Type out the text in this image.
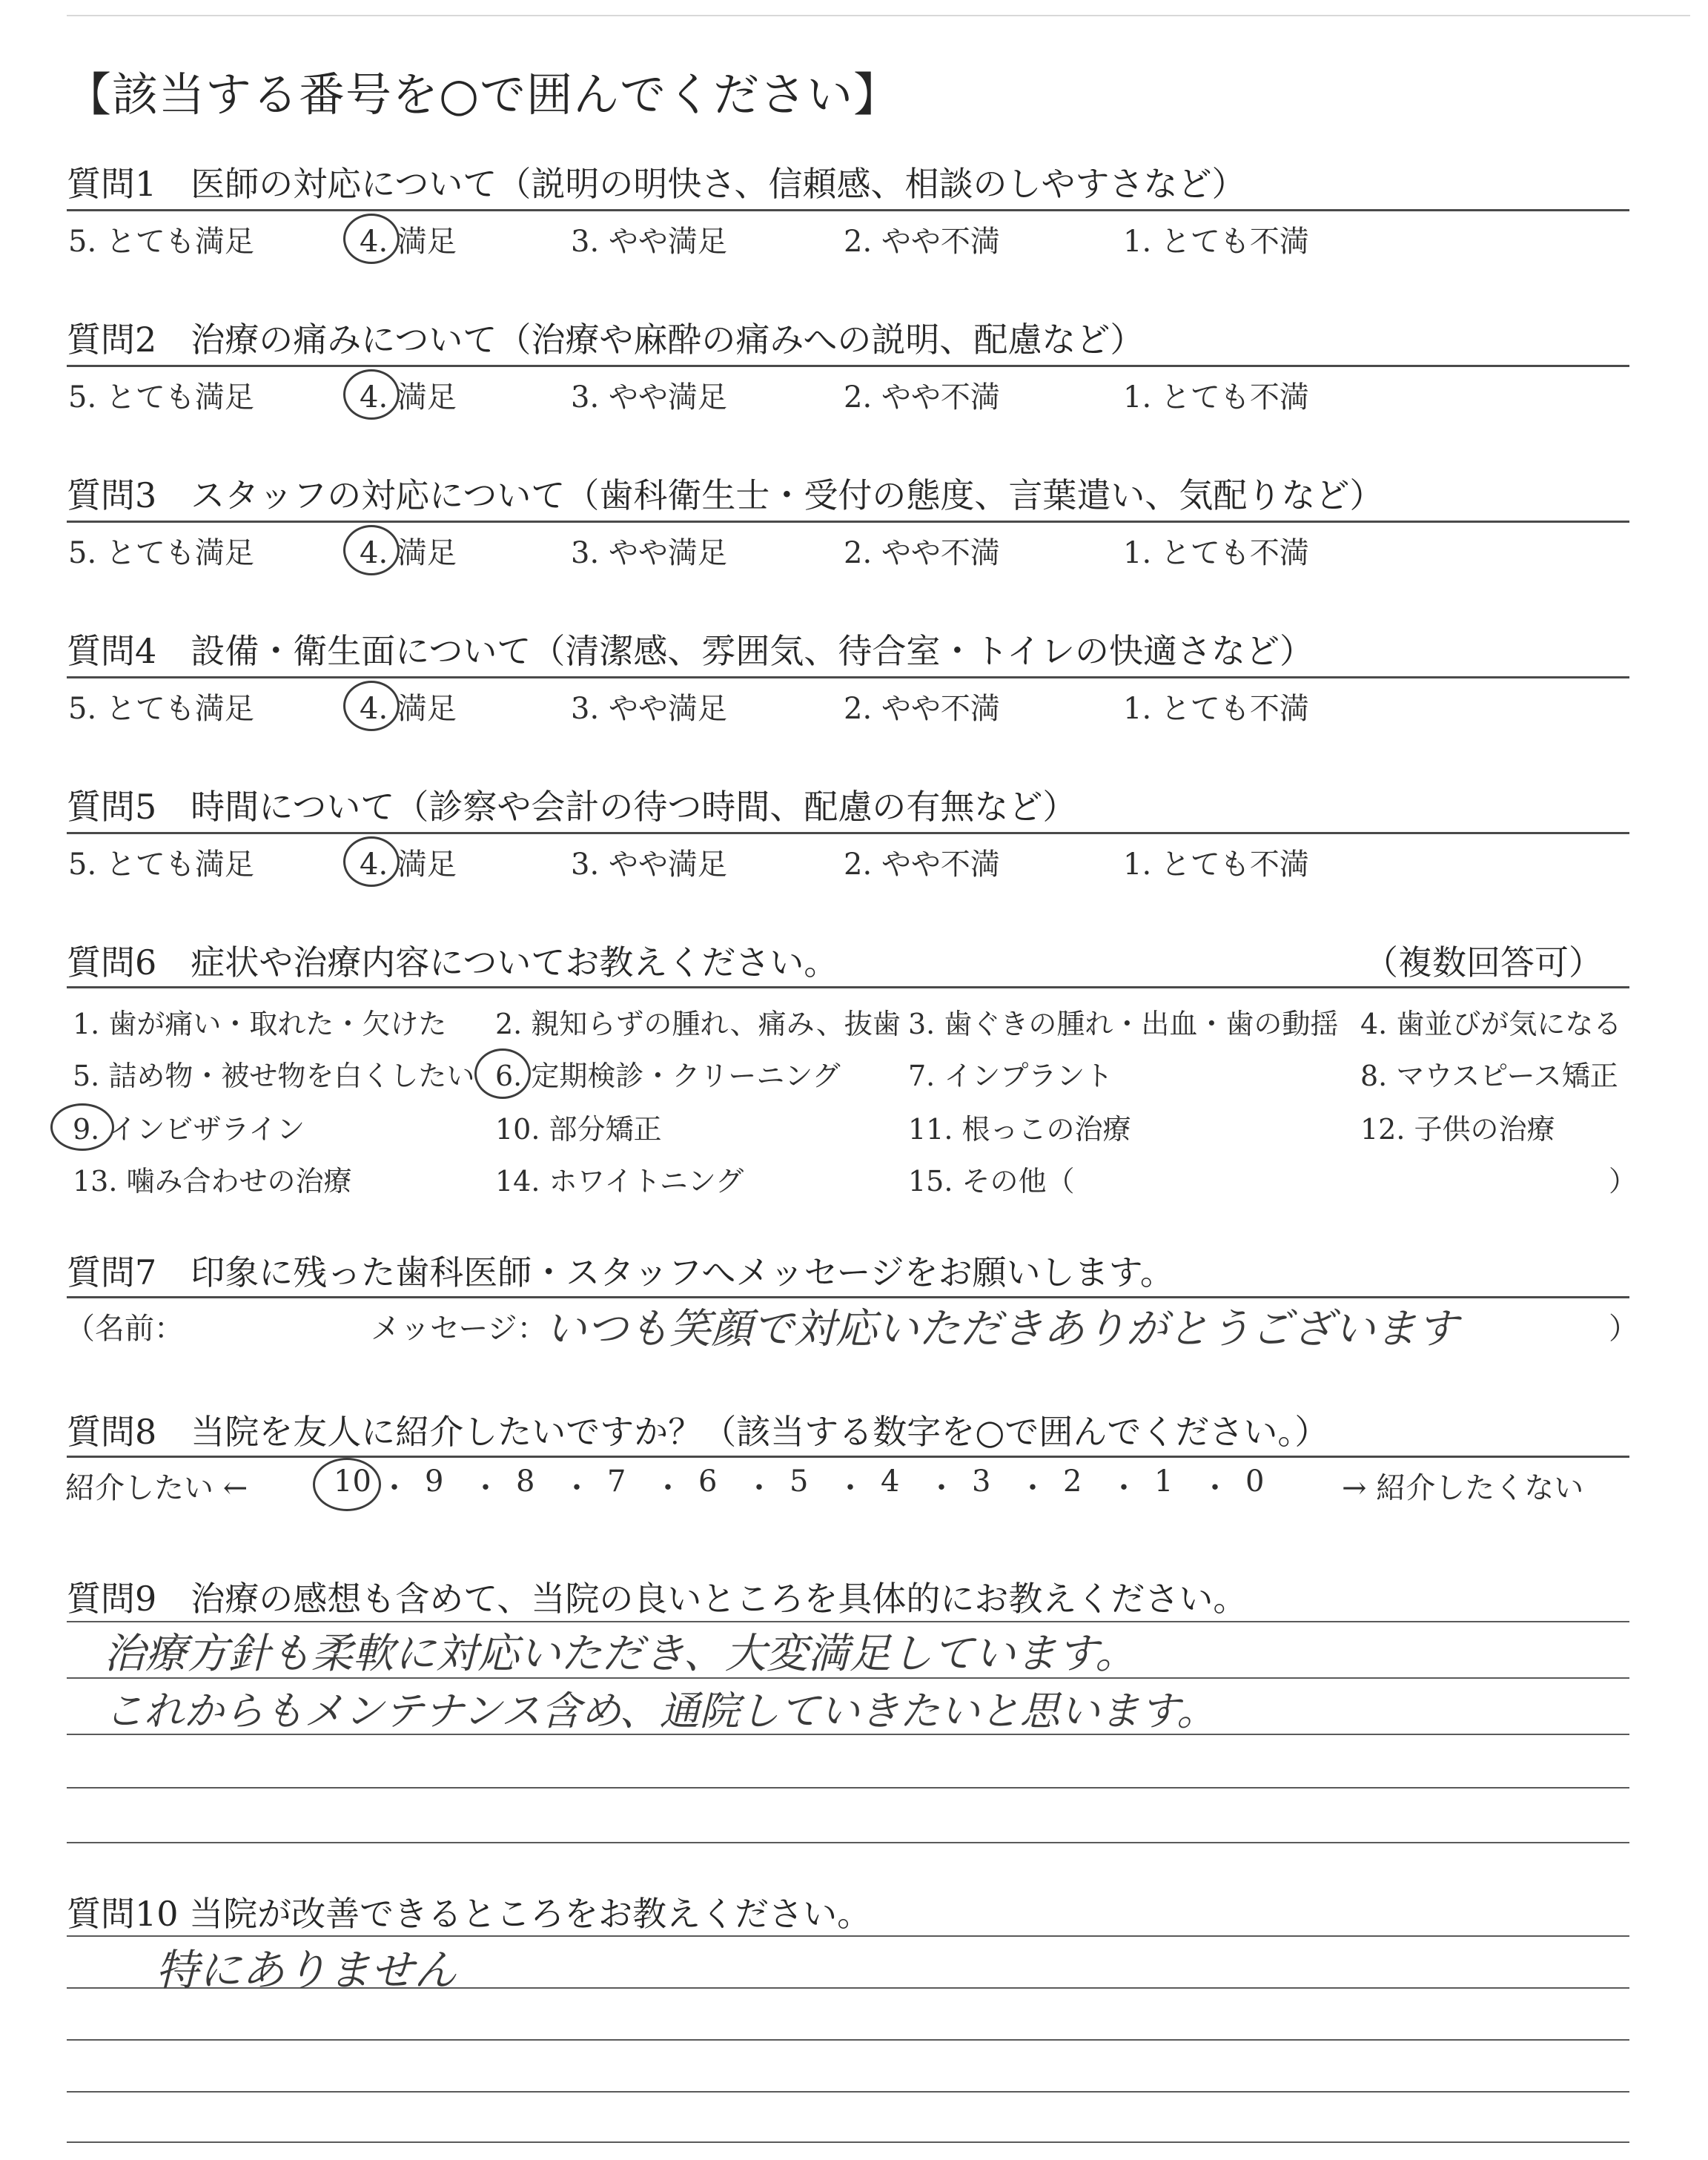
【該当する番号を○で囲んでください】
質問1　医師の対応について（説明の明快さ、信頼感、相談のしやすさなど）
5. とても満足	4. 満足	3. やや満足	2. やや不満	1. とても不満
質問2　治療の痛みについて（治療や麻酔の痛みへの説明、配慮など）
5. とても満足	4. 満足	3. やや満足	2. やや不満	1. とても不満
質問3　スタッフの対応について（歯科衛生士・受付の態度、言葉遣い、気配りなど）
5. とても満足	4. 満足	3. やや満足	2. やや不満	1. とても不満
質問4　設備・衛生面について（清潔感、雰囲気、待合室・トイレの快適さなど）
5. とても満足	4. 満足	3. やや満足	2. やや不満	1. とても不満
質問5　時間について（診察や会計の待つ時間、配慮の有無など）
5. とても満足	4. 満足	3. やや満足	2. やや不満	1. とても不満
質問6　症状や治療内容についてお教えください。	（複数回答可）
1. 歯が痛い・取れた・欠けた 2. 親知らずの腫れ、痛み、抜歯 3. 歯ぐきの腫れ・出血・歯の動揺 4. 歯並びが気になる
5. 詰め物・被せ物を白くしたい 6. 定期検診・クリーニング 7. インプラント	8. マウスピース矯正
9. インビザライン	10. 部分矯正	11. 根っこの治療	12. 子供の治療
13. 噛み合わせの治療	14. ホワイトニング	15. その他（	）
質問7　印象に残った歯科医師・スタッフへメッセージをお願いします。
（名前：	メッセージ：
いつも笑顔で対応いただきありがとうございます	）
質問8　当院を友人に紹介したいですか？（該当する数字を○で囲んでください。）
紹介したい ←	10 ・ 9 ・ 8 ・ 7 ・ 6 ・ 5 ・ 4 ・ 3 ・ 2 ・ 1 ・ 0	→ 紹介したくない
質問9　治療の感想も含めて、当院の良いところを具体的にお教えください。
治療方針も柔軟に対応いただき、大変満足しています。
これからもメンテナンス含め、通院していきたいと思います。
質問10 当院が改善できるところをお教えください。
特にありません
